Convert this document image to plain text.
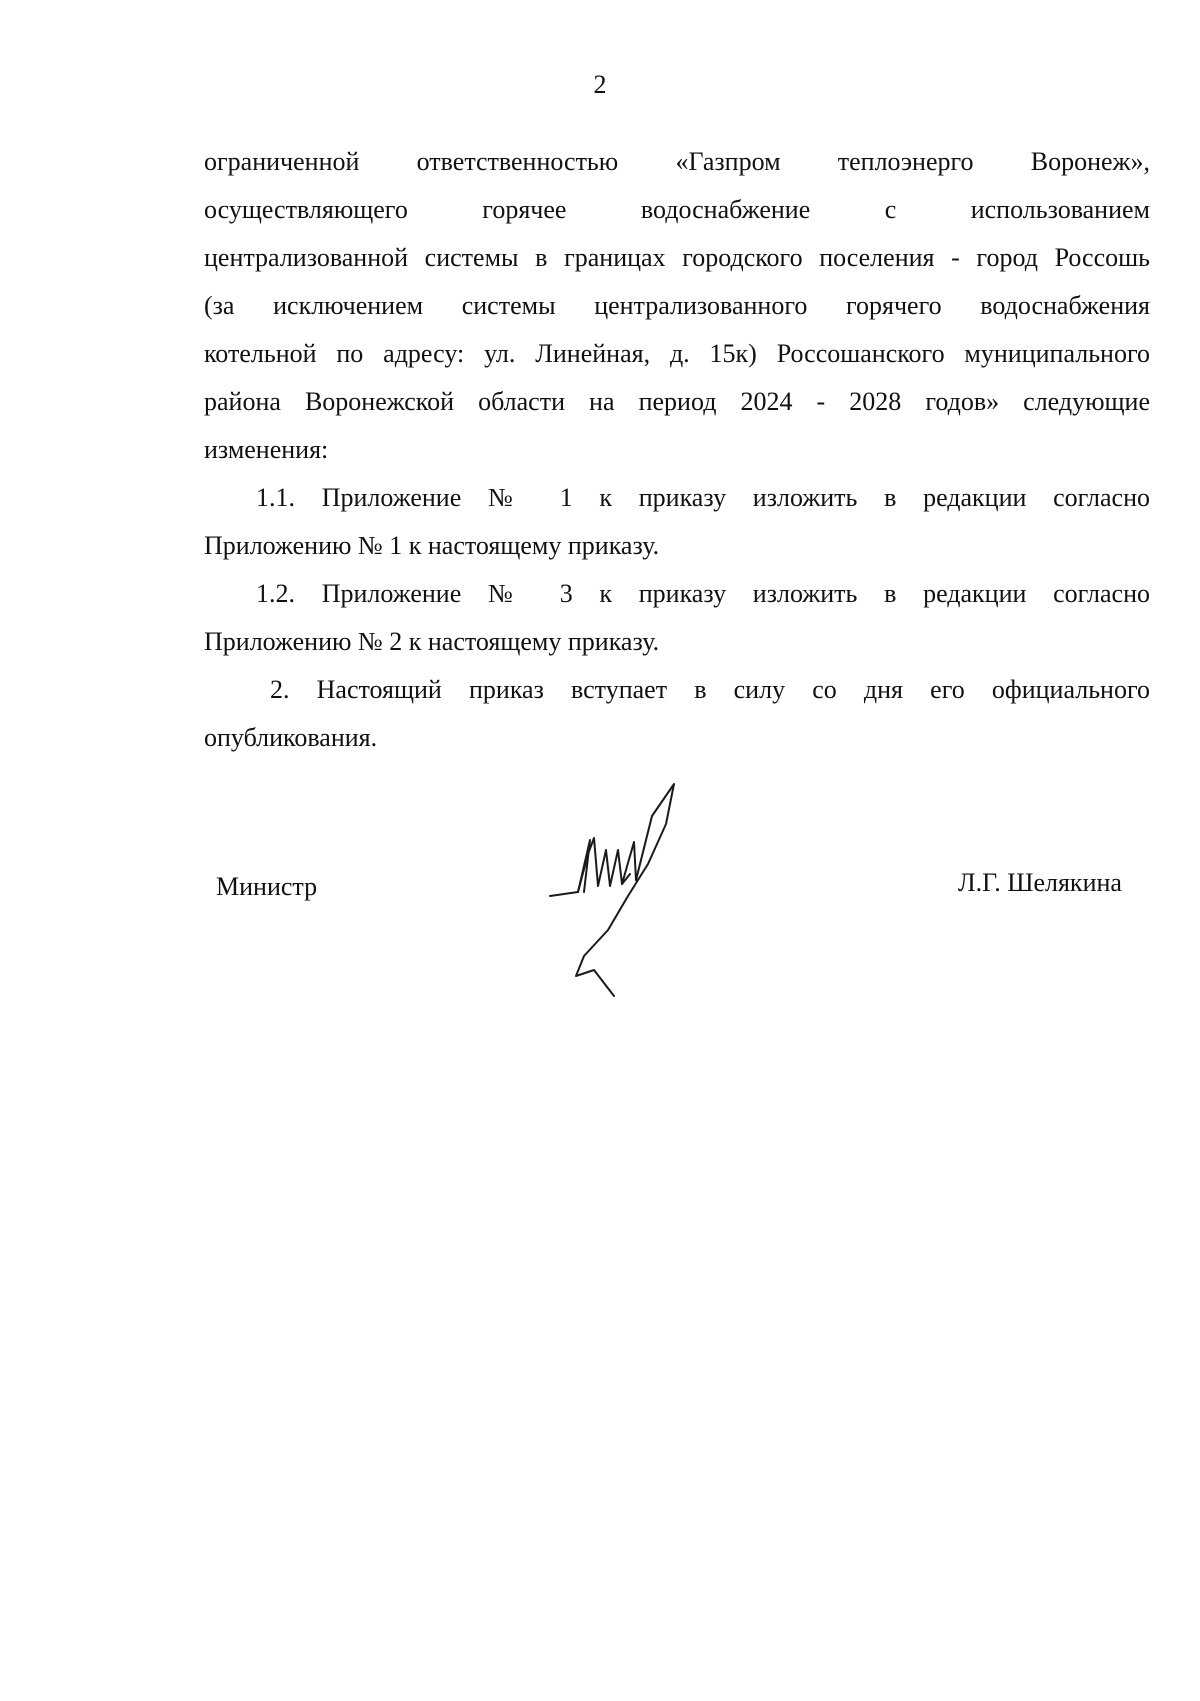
2
ограниченной ответственностью «Газпром теплоэнерго Воронеж»,
осуществляющего горячее водоснабжение с использованием
централизованной системы в границах городского поселения - город Россошь
(за исключением системы централизованного горячего водоснабжения
котельной по адресу: ул. Линейная, д. 15к) Россошанского муниципального
района Воронежской области на период 2024 - 2028 годов» следующие
изменения:
1.1. Приложение № 1 к приказу изложить в редакции согласно
Приложению № 1 к настоящему приказу.
1.2. Приложение № 3 к приказу изложить в редакции согласно
Приложению № 2 к настоящему приказу.
2. Настоящий приказ вступает в силу со дня его официального
опубликования.
Министр	Л.Г. Шелякина
